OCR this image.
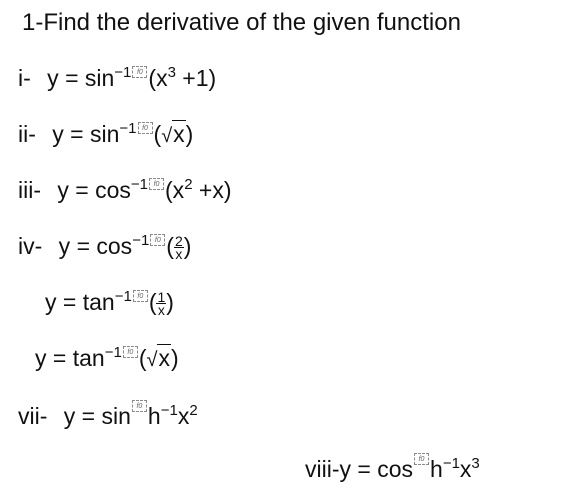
1-Find the derivative of the given function
i- $y = \sin^{-1} f0$ $(x^3 +1)$
ii- $y = \sin^{-1} f0$ (√x)
iii- $y = \cos^{-1} f0$ $(x^2 +x)$
iv- $y = \cos^{-1} f0$ ( $\frac{2}{x}$ )
$y = \tan^{-1} f0$ ( $\frac{1}{x}$ )
$y = \tan^{-1} f0$ (√x)
vii- y = sin f0 $h^{-1}x^2$
viii-y = cos f0 $h^{-1}x^3$
